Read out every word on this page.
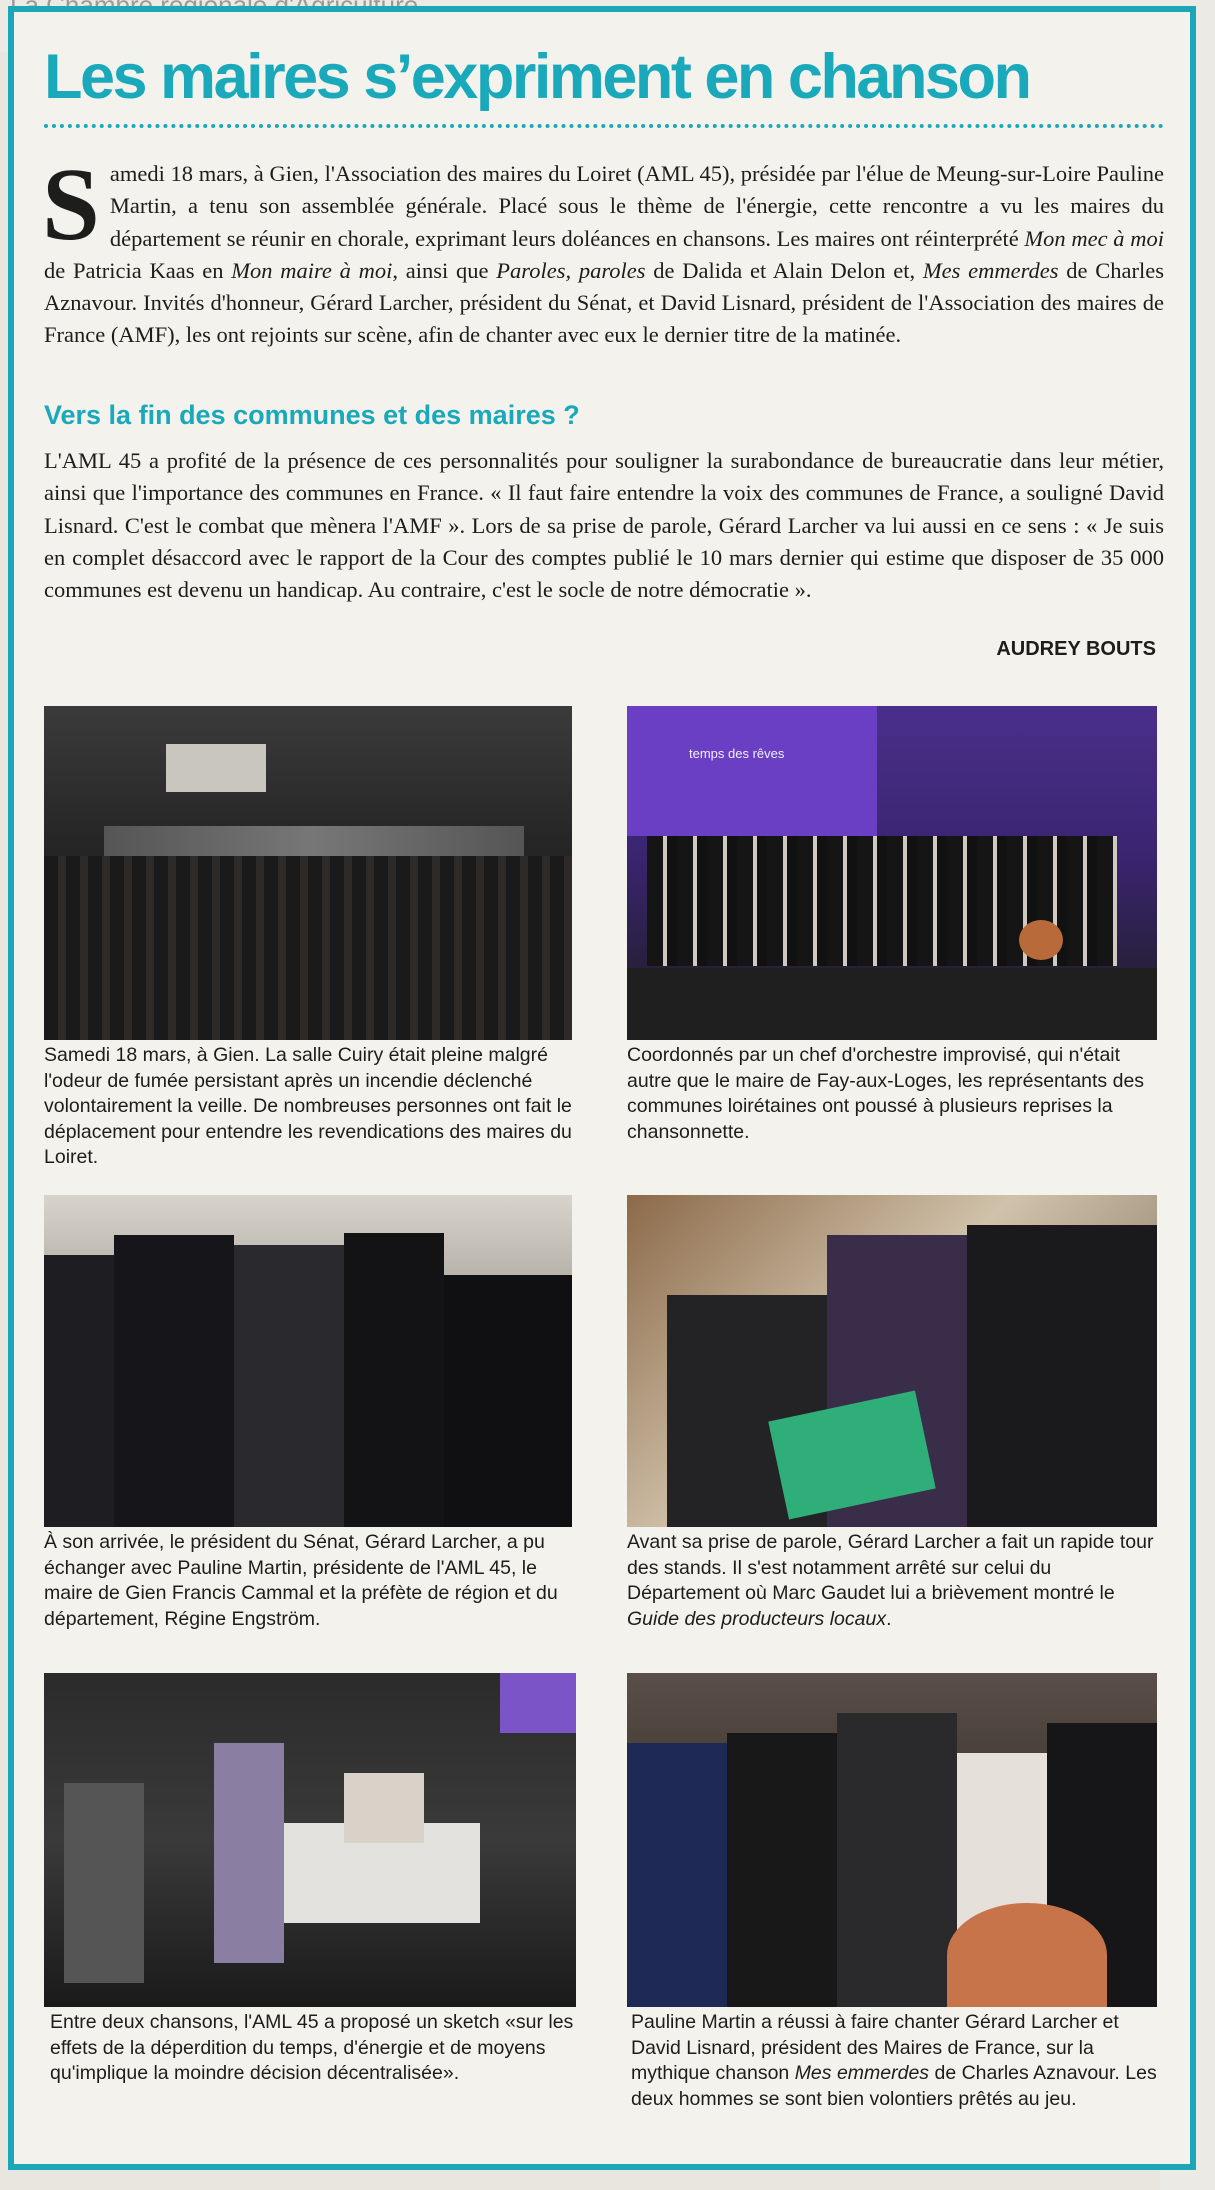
Les maires s’expriment en chanson

Samedi 18 mars, à Gien, l'Association des maires du Loiret (AML 45), présidée par l'élue de Meung-sur-Loire Pauline Martin, a tenu son assemblée générale. Placé sous le thème de l'énergie, cette rencontre a vu les maires du département se réunir en chorale, exprimant leurs doléances en chansons. Les maires ont réinterprété Mon mec à moi de Patricia Kaas en Mon maire à moi, ainsi que Paroles, paroles de Dalida et Alain Delon et, Mes emmerdes de Charles Aznavour. Invités d'honneur, Gérard Larcher, président du Sénat, et David Lisnard, président de l'Association des maires de France (AMF), les ont rejoints sur scène, afin de chanter avec eux le dernier titre de la matinée.

Vers la fin des communes et des maires ?

L'AML 45 a profité de la présence de ces personnalités pour souligner la surabondance de bureaucratie dans leur métier, ainsi que l'importance des communes en France. « Il faut faire entendre la voix des communes de France, a souligné David Lisnard. C'est le combat que mènera l'AMF ». Lors de sa prise de parole, Gérard Larcher va lui aussi en ce sens : « Je suis en complet désaccord avec le rapport de la Cour des comptes publié le 10 mars dernier qui estime que disposer de 35 000 communes est devenu un handicap. Au contraire, c'est le socle de notre démocratie ».

AUDREY BOUTS

Samedi 18 mars, à Gien. La salle Cuiry était pleine malgré l'odeur de fumée persistant après un incendie déclenché volontairement la veille. De nombreuses personnes ont fait le déplacement pour entendre les revendications des maires du Loiret.

temps des rêves

Coordonnés par un chef d'orchestre improvisé, qui n'était autre que le maire de Fay-aux-Loges, les représentants des communes loirétaines ont poussé à plusieurs reprises la chansonnette.

À son arrivée, le président du Sénat, Gérard Larcher, a pu échanger avec Pauline Martin, présidente de l'AML 45, le maire de Gien Francis Cammal et la préfète de région et du département, Régine Engström.

Avant sa prise de parole, Gérard Larcher a fait un rapide tour des stands. Il s'est notamment arrêté sur celui du Département où Marc Gaudet lui a brièvement montré le Guide des producteurs locaux.

Entre deux chansons, l'AML 45 a proposé un sketch «sur les effets de la déperdition du temps, d'énergie et de moyens qu'implique la moindre décision décentralisée».

Pauline Martin a réussi à faire chanter Gérard Larcher et David Lisnard, président des Maires de France, sur la mythique chanson Mes emmerdes de Charles Aznavour. Les deux hommes se sont bien volontiers prêtés au jeu.
